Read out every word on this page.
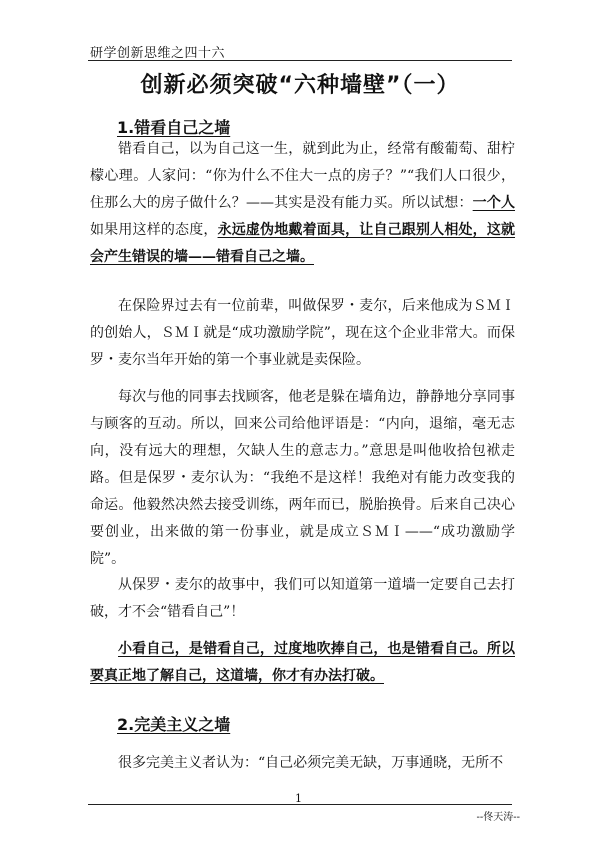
研学创新思维之四十六
创新必须突破“六种墙壁”（一）
1.错看自己之墙

错看自己，以为自己这一生，就到此为止，经常有酸葡萄、甜柠檬心理。人家问：“你为什么不住大一点的房子？”“我们人口很少，住那么大的房子做什么？——其实是没有能力买。所以试想：一个人如果用这样的态度，永远虚伪地戴着面具，让自己跟别人相处，这就会产生错误的墙——错看自己之墙。

在保险界过去有一位前辈，叫做保罗・麦尔，后来他成为ＳＭＩ的创始人，ＳＭＩ就是“成功激励学院”，现在这个企业非常大。而保罗・麦尔当年开始的第一个事业就是卖保险。

每次与他的同事去找顾客，他老是躲在墙角边，静静地分享同事与顾客的互动。所以，回来公司给他评语是：“内向，退缩，毫无志向，没有远大的理想，欠缺人生的意志力。”意思是叫他收拾包袱走路。但是保罗・麦尔认为：“我绝不是这样！我绝对有能力改变我的命运。他毅然决然去接受训练，两年而已，脱胎换骨。后来自己决心要创业，出来做的第一份事业，就是成立ＳＭＩ——“成功激励学院”。

从保罗・麦尔的故事中，我们可以知道第一道墙一定要自己去打破，才不会“错看自己”！

小看自己，是错看自己，过度地吹捧自己，也是错看自己。所以要真正地了解自己，这道墙，你才有办法打破。

2.完美主义之墙

很多完美主义者认为：“自己必须完美无缺，万事通晓，无所不

1
--佟天涛--
